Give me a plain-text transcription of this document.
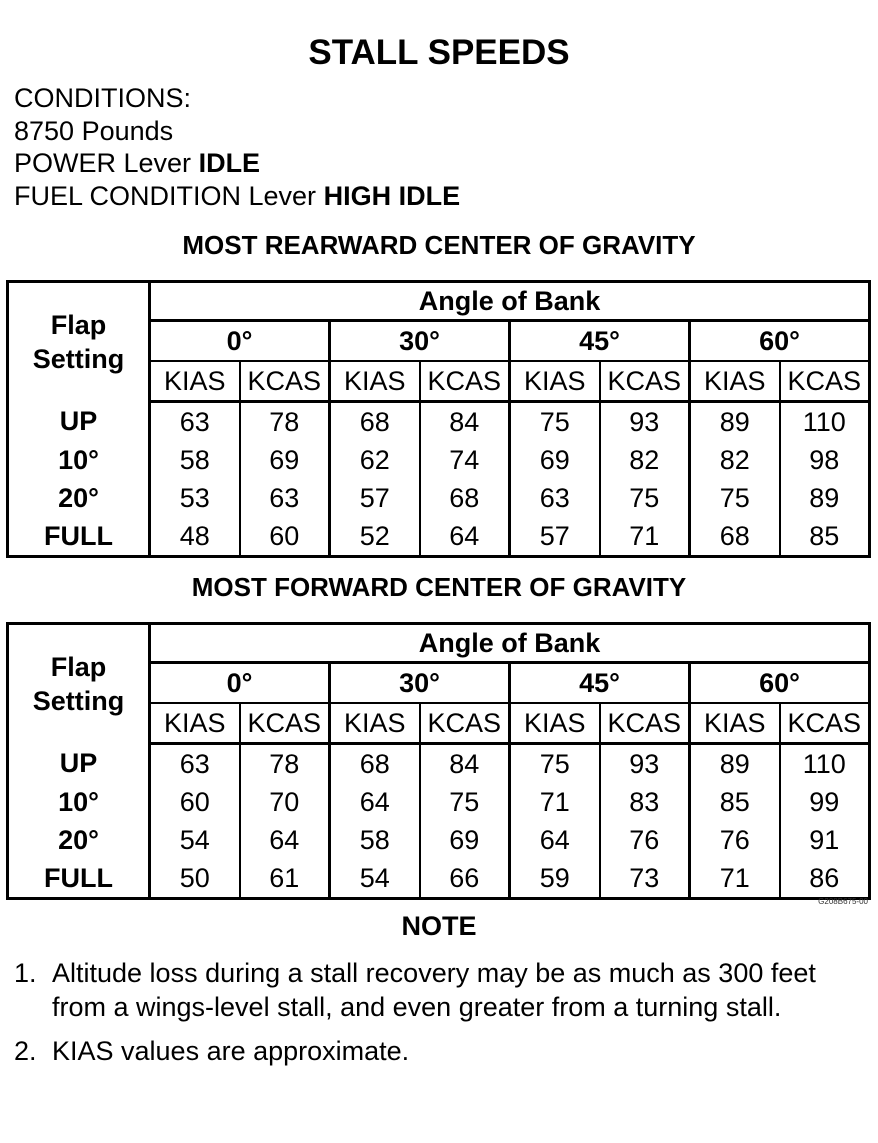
STALL SPEEDS
CONDITIONS:
8750 Pounds
POWER Lever IDLE
FUEL CONDITION Lever HIGH IDLE
MOST REARWARD CENTER OF GRAVITY
Flap
Setting	Angle of Bank							
	0°		30°		45°		60°	
	KIAS	KCAS	KIAS	KCAS	KIAS	KCAS	KIAS	KCAS
UP	63	78	68	84	75	93	89	110
10°	58	69	62	74	69	82	82	98
20°	53	63	57	68	63	75	75	89
FULL	48	60	52	64	57	71	68	85
MOST FORWARD CENTER OF GRAVITY
Flap
Setting	Angle of Bank							
	0°		30°		45°		60°	
	KIAS	KCAS	KIAS	KCAS	KIAS	KCAS	KIAS	KCAS
UP	63	78	68	84	75	93	89	110
10°	60	70	64	75	71	83	85	99
20°	54	64	58	69	64	76	76	91
FULL	50	61	54	66	59	73	71	86
G208B675-00
NOTE
1. Altitude loss during a stall recovery may be as much as 300 feet from a wings-level stall, and even greater from a turning stall.
2. KIAS values are approximate.
